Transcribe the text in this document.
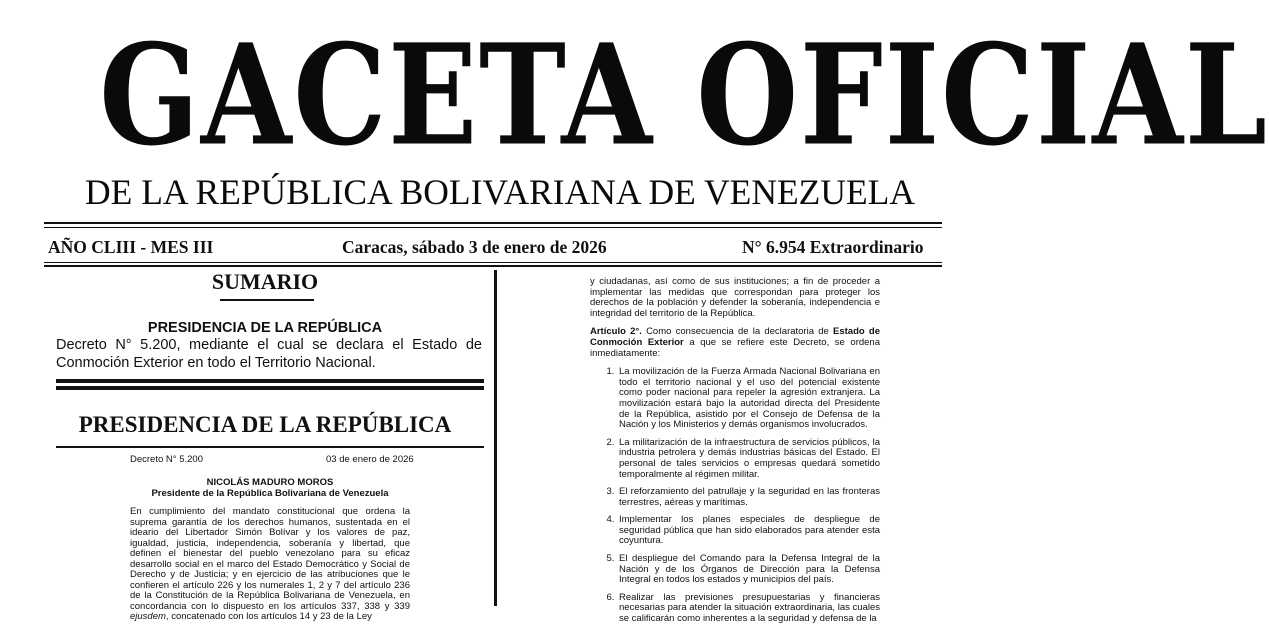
GACETA OFICIAL
DE LA REPÚBLICA BOLIVARIANA DE VENEZUELA
AÑO CLIII - MES III	Caracas, sábado 3 de enero de 2026	N° 6.954 Extraordinario
SUMARIO
PRESIDENCIA DE LA REPÚBLICA
Decreto N° 5.200, mediante el cual se declara el Estado de Conmoción Exterior en todo el Territorio Nacional.
PRESIDENCIA DE LA REPÚBLICA
Decreto N° 5.200	03 de enero de 2026
NICOLÁS MADURO MOROS
Presidente de la República Bolivariana de Venezuela
En cumplimiento del mandato constitucional que ordena la suprema garantía de los derechos humanos, sustentada en el ideario del Libertador Simón Bolívar y los valores de paz, igualdad, justicia, independencia, soberanía y libertad, que definen el bienestar del pueblo venezolano para su eficaz desarrollo social en el marco del Estado Democrático y Social de Derecho y de Justicia; y en ejercicio de las atribuciones que le confieren el artículo 226 y los numerales 1, 2 y 7 del artículo 236 de la Constitución de la República Bolivariana de Venezuela, en concordancia con lo dispuesto en los artículos 337, 338 y 339 ejusdem, concatenado con los artículos 14 y 23 de la Ley

y ciudadanas, así como de sus instituciones; a fin de proceder a implementar las medidas que correspondan para proteger los derechos de la población y defender la soberanía, independencia e integridad del territorio de la República.

Artículo 2°. Como consecuencia de la declaratoria de Estado de Conmoción Exterior a que se refiere este Decreto, se ordena inmediatamente:

1. La movilización de la Fuerza Armada Nacional Bolivariana en todo el territorio nacional y el uso del potencial existente como poder nacional para repeler la agresión extranjera. La movilización estará bajo la autoridad directa del Presidente de la República, asistido por el Consejo de Defensa de la Nación y los Ministerios y demás organismos involucrados.
2. La militarización de la infraestructura de servicios públicos, la industria petrolera y demás industrias básicas del Estado. El personal de tales servicios o empresas quedará sometido temporalmente al régimen militar.
3. El reforzamiento del patrullaje y la seguridad en las fronteras terrestres, aéreas y marítimas.
4. Implementar los planes especiales de despliegue de seguridad pública que han sido elaborados para atender esta coyuntura.
5. El despliegue del Comando para la Defensa Integral de la Nación y de los Órganos de Dirección para la Defensa Integral en todos los estados y municipios del país.
6. Realizar las previsiones presupuestarias y financieras necesarias para atender la situación extraordinaria, las cuales se calificarán como inherentes a la seguridad y defensa de la
